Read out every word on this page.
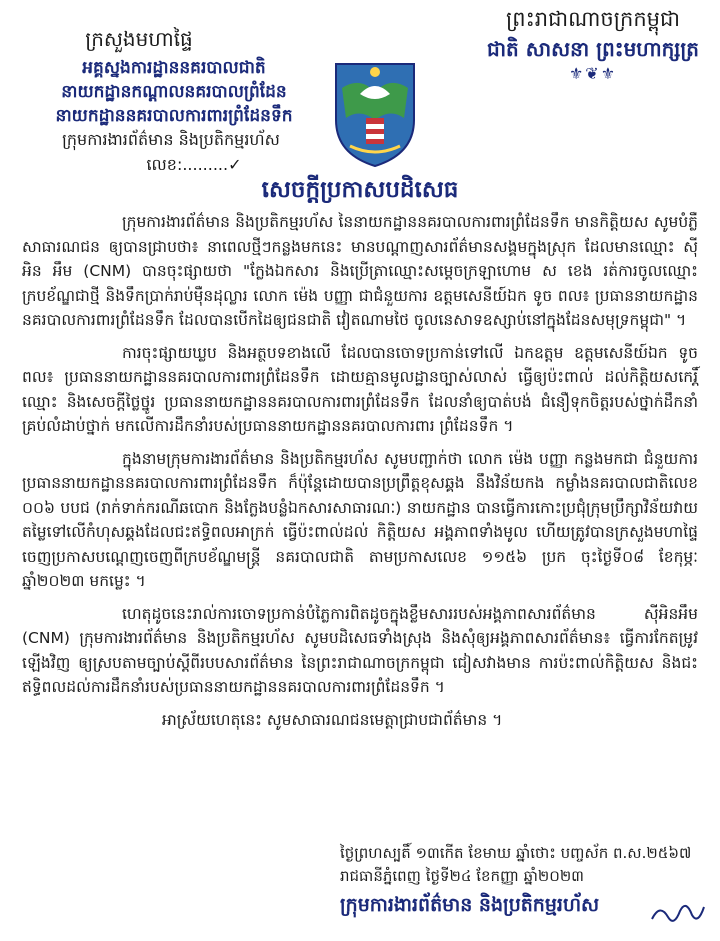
ក្រសួងមហាផ្ទៃ
អគ្គស្នងការដ្ឋាននគរបាលជាតិ
នាយកដ្ឋានកណ្តាលនគរបាលព្រំដែន
នាយកដ្ឋាននគរបាលការពារព្រំដែនទឹក
ក្រុមការងារព័ត៌មាន និងប្រតិកម្មរហ័ស
លេខ:.........✓
ព្រះរាជាណាចក្រកម្ពុជា
ជាតិ សាសនា ព្រះមហាក្សត្រ
⚜❦⚜
សេចក្តីប្រកាសបដិសេធ

ក្រុមការងារព័ត៌មាន និងប្រតិកម្មរហ័ស នៃនាយកដ្ឋាននគរបាលការពារព្រំដែនទឹក មានកិត្តិយស សូមបំភ្លឺសាធារណជន ឲ្យបានជ្រាបថា៖ នាពេលថ្មីៗកន្លងមកនេះ មានបណ្តាញសារព័ត៌មានសង្គមក្នុងស្រុក ដែលមានឈ្មោះ ស៊ី អិន អឹម (CNM) បានចុះផ្សាយថា "ក្លែងឯកសារ និងប្រើត្រាឈ្មោះសម្តេចក្រឡាហោម ស ខេង រត់ការចូលឈ្មោះក្របខ័ណ្ឌជាថ្មី និងទឹកប្រាក់រាប់ម៉ឺនដុល្លារ លោក ម៉េង បញ្ញា ជាជំនួយការ ឧត្តមសេនីយ៍ឯក ទូច ពល៖ ប្រធាននាយកដ្ឋាននគរបាលការពារព្រំដែនទឹក ដែលបានបើកដៃឲ្យជនជាតិ វៀតណាមថៃ ចូលនេសាទឧស្សាប់នៅក្នុងដែនសមុទ្រកម្ពុជា" ។

ការចុះផ្សាយឃ្លប និងអត្ថបទខាងលើ ដែលបានចោទប្រកាន់ទៅលើ ឯកឧត្តម ឧត្តមសេនីយ៍ឯក ទូច ពល៖ ប្រធាននាយកដ្ឋាននគរបាលការពារព្រំដែនទឹក ដោយគ្មានមូលដ្ឋានច្បាស់លាស់ ធ្វើឲ្យប៉ះពាល់ ដល់កិត្តិយសកេរ្តិ៍ឈ្មោះ និងសេចក្តីថ្លៃថ្នូរ ប្រធាននាយកដ្ឋាននគរបាលការពារព្រំដែនទឹក ដែលនាំឲ្យបាត់បង់ ជំនឿទុកចិត្តរបស់ថ្នាក់ដឹកនាំគ្រប់លំដាប់ថ្នាក់ មកលើការដឹកនាំរបស់ប្រធាននាយកដ្ឋាននគរបាលការពារ ព្រំដែនទឹក ។

ក្នុងនាមក្រុមការងារព័ត៌មាន និងប្រតិកម្មរហ័ស សូមបញ្ជាក់ថា លោក ម៉េង បញ្ញា កន្លងមកជា ជំនួយការប្រធាននាយកដ្ឋាននគរបាលការពារព្រំដែនទឹក ក៏ប៉ុន្តែដោយបានប្រព្រឹត្តខុសឆ្គង នឹងវិន័យកង កម្លាំងនគរបាលជាតិលេខ ០០៦ បបជ (រាក់ទាក់ករណីឆបោក និងក្លែងបន្លំឯកសារសាធារណៈ) នាយកដ្ឋាន បានធ្វើការកោះប្រជុំក្រុមប្រឹក្សាវិន័យវាយតម្លៃទៅលើកំហុសឆ្គងដែលជះឥទ្ធិពលអាក្រក់ ធ្វើប៉ះពាល់ដល់ កិត្តិយស អង្គភាពទាំងមូល ហើយត្រូវបានក្រសួងមហាផ្ទៃចេញប្រកាសបណ្តេញចេញពីក្របខ័ណ្ឌមន្ត្រី នគរបាលជាតិ តាមប្រកាសលេខ ១១៥៦ ប្រក ចុះថ្ងៃទី០៨ ខែកុម្ភៈ ឆ្នាំ២០២៣ មកម្លេះ ។

ហេតុដូចនេះរាល់ការចោទប្រកាន់បំភ្លៃការពិតដូចក្នុងខ្លឹមសាររបស់អង្គភាពសារព័ត៌មាន ស៊ីអិនអឹម (CNM) ក្រុមការងារព័ត៌មាន និងប្រតិកម្មរហ័ស សូមបដិសេធទាំងស្រុង និងសុំឲ្យអង្គភាពសារព័ត៌មាន៖ ធ្វើការកែតម្រូវឡើងវិញ ឲ្យស្របតាមច្បាប់ស្តីពីរបបសារព័ត៌មាន នៃព្រះរាជាណាចក្រកម្ពុជា ជៀសវាងមាន ការប៉ះពាល់កិត្តិយស និងជះឥទ្ធិពលដល់ការដឹកនាំរបស់ប្រធាននាយកដ្ឋាននគរបាលការពារព្រំដែនទឹក ។

អាស្រ័យហេតុនេះ សូមសាធារណជនមេត្តាជ្រាបជាព័ត៌មាន ។

ថ្ងៃព្រហស្បតិ៍ ១៣កើត ខែមាឃ ឆ្នាំថោះ បញ្ចស័ក ព.ស.២៥៦៧
រាជធានីភ្នំពេញ ថ្ងៃទី២៤ ខែកញ្ញា ឆ្នាំ២០២៣
ក្រុមការងារព័ត៌មាន និងប្រតិកម្មរហ័ស
